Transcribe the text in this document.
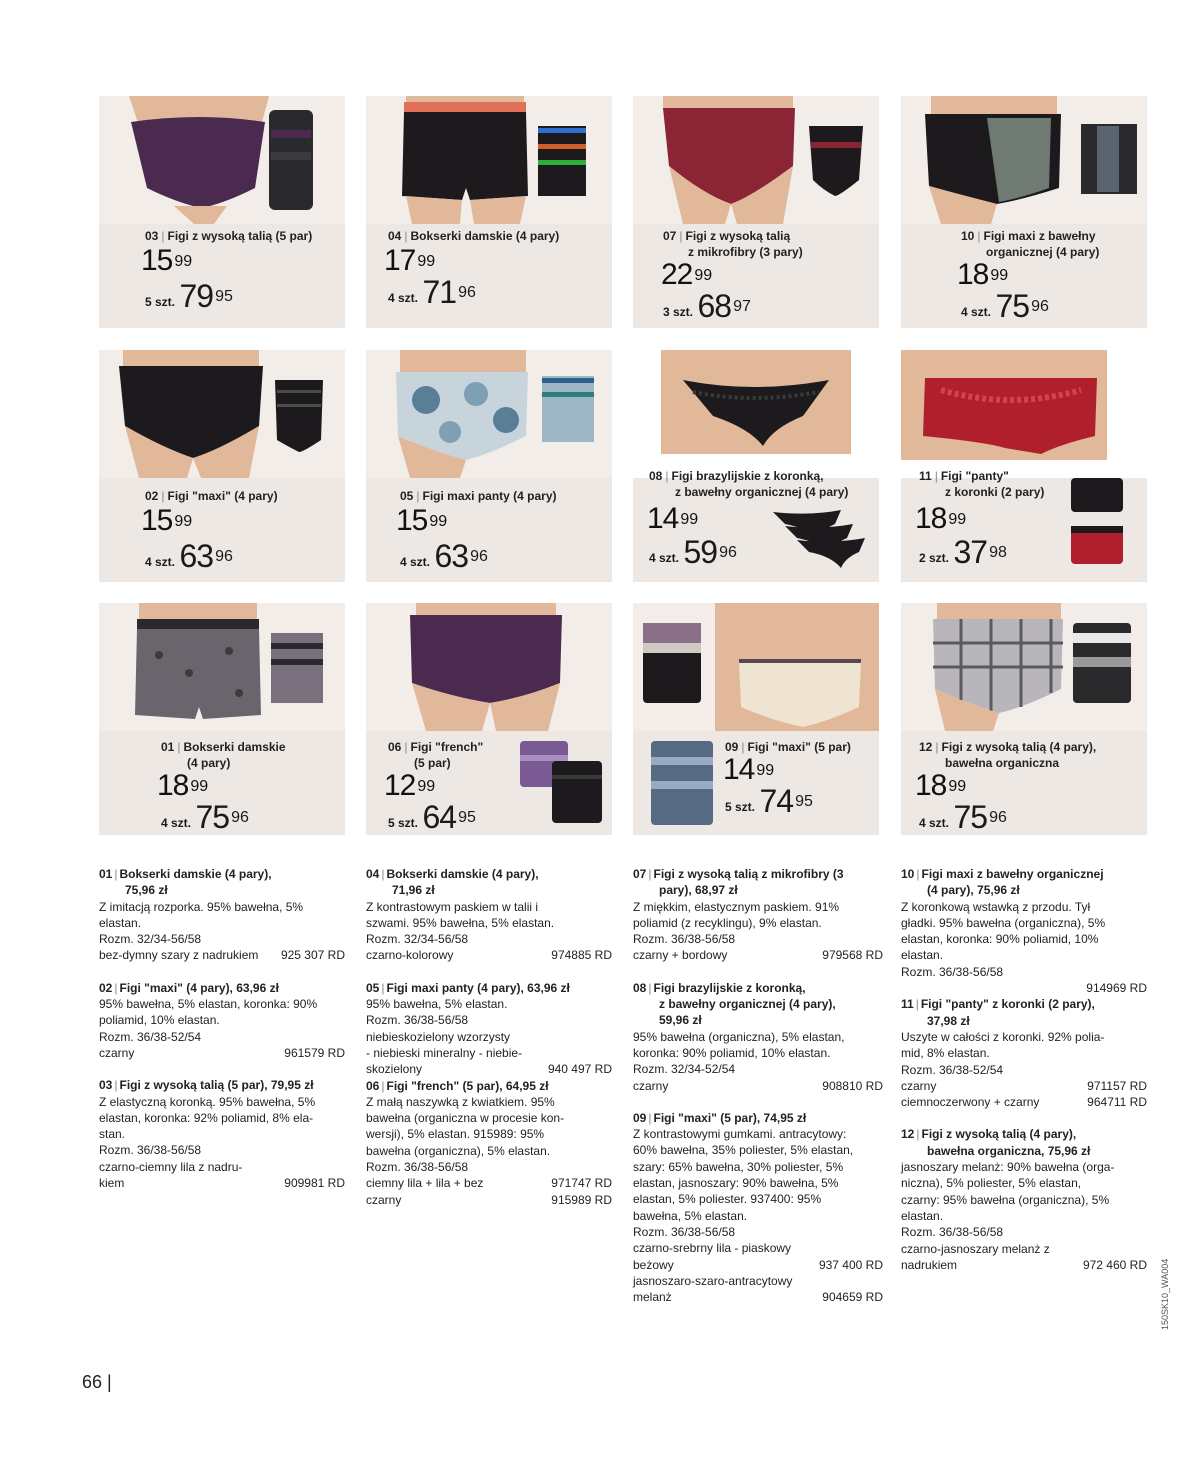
03 | Figi z wysoką talią (5 par)
15 $^{99}$
5 szt. 79 $^{95}$
04 | Bokserki damskie (4 pary)
17 $^{99}$
4 szt. 71 $^{96}$
07 | Figi z wysoką talią
z mikrofibry (3 pary)
22 $^{99}$
3 szt. 68 $^{97}$
10 | Figi maxi z bawełny
organicznej (4 pary)
18 $^{99}$
4 szt. 75 $^{96}$
02 | Figi "maxi" (4 pary)
15 $^{99}$
4 szt. 63 $^{96}$
05 | Figi maxi panty (4 pary)
15 $^{99}$
4 szt. 63 $^{96}$
08 | Figi brazylijskie z koronką,
z bawełny organicznej (4 pary)
14 $^{99}$
4 szt. 59 $^{96}$
11 | Figi "panty"
z koronki (2 pary)
18 $^{99}$
2 szt. 37 $^{98}$
01 | Bokserki damskie
(4 pary)
18 $^{99}$
4 szt. 75 $^{96}$
06 | Figi "french"
(5 par)
12 $^{99}$
5 szt. 64 $^{95}$
09 | Figi "maxi" (5 par)
14 $^{99}$
5 szt. 74 $^{95}$
12 | Figi z wysoką talią (4 pary),
bawełna organiczna
18 $^{99}$
4 szt. 75 $^{96}$
01 | Bokserki damskie (4 pary),
75,96 zł
Z imitacją rozporka. 95% bawełna, 5%
elastan.
Rozm. 32/34-56/58
bez-dymny szary z nadrukiem 925 307 RD
02 | Figi "maxi" (4 pary), 63,96 zł
95% bawełna, 5% elastan, koronka: 90%
poliamid, 10% elastan.
Rozm. 36/38-52/54
czarny	961579 RD
03 | Figi z wysoką talią (5 par), 79,95 zł
Z elastyczną koronką. 95% bawełna, 5%
elastan, koronka: 92% poliamid, 8% ela-
stan.
Rozm. 36/38-56/58
czarno-ciemny lila z nadru-
kiem	909981 RD
04 | Bokserki damskie (4 pary),
71,96 zł
Z kontrastowym paskiem w talii i
szwami. 95% bawełna, 5% elastan.
Rozm. 32/34-56/58
czarno-kolorowy	974885 RD
05 | Figi maxi panty (4 pary), 63,96 zł
95% bawełna, 5% elastan.
Rozm. 36/38-56/58
niebieskozielony wzorzysty
- niebieski mineralny - niebie-
skozielony	940 497 RD
06 | Figi "french" (5 par), 64,95 zł
Z małą naszywką z kwiatkiem. 95%
bawełna (organiczna w procesie kon-
wersji), 5% elastan. 915989: 95%
bawełna (organiczna), 5% elastan.
Rozm. 36/38-56/58
ciemny lila + lila + bez	971747 RD
czarny	915989 RD
07 | Figi z wysoką talią z mikrofibry (3
pary), 68,97 zł
Z miękkim, elastycznym paskiem. 91%
poliamid (z recyklingu), 9% elastan.
Rozm. 36/38-56/58
czarny + bordowy	979568 RD
08 | Figi brazylijskie z koronką,
z bawełny organicznej (4 pary),
59,96 zł
95% bawełna (organiczna), 5% elastan,
koronka: 90% poliamid, 10% elastan.
Rozm. 32/34-52/54
czarny	908810 RD
09 | Figi "maxi" (5 par), 74,95 zł
Z kontrastowymi gumkami. antracytowy:
60% bawełna, 35% poliester, 5% elastan,
szary: 65% bawełna, 30% poliester, 5%
elastan, jasnoszary: 90% bawełna, 5%
elastan, 5% poliester. 937400: 95%
bawełna, 5% elastan.
Rozm. 36/38-56/58
czarno-srebrny lila - piaskowy
beżowy	937 400 RD
jasnoszaro-szaro-antracytowy
melanż	904659 RD
10 | Figi maxi z bawełny organicznej
(4 pary), 75,96 zł
Z koronkową wstawką z przodu. Tył
gładki. 95% bawełna (organiczna), 5%
elastan, koronka: 90% poliamid, 10%
elastan.
Rozm. 36/38-56/58
914969 RD
11 | Figi "panty" z koronki (2 pary),
37,98 zł
Uszyte w całości z koronki. 92% polia-
mid, 8% elastan.
Rozm. 36/38-52/54
czarny	971157 RD
ciemnoczerwony + czarny	964711 RD
12 | Figi z wysoką talią (4 pary),
bawełna organiczna, 75,96 zł
jasnoszary melanż: 90% bawełna (orga-
niczna), 5% poliester, 5% elastan,
czarny: 95% bawełna (organiczna), 5%
elastan.
Rozm. 36/38-56/58
czarno-jasnoszary melanż z
nadrukiem	972 460 RD
66 |
150SK10_WA004
